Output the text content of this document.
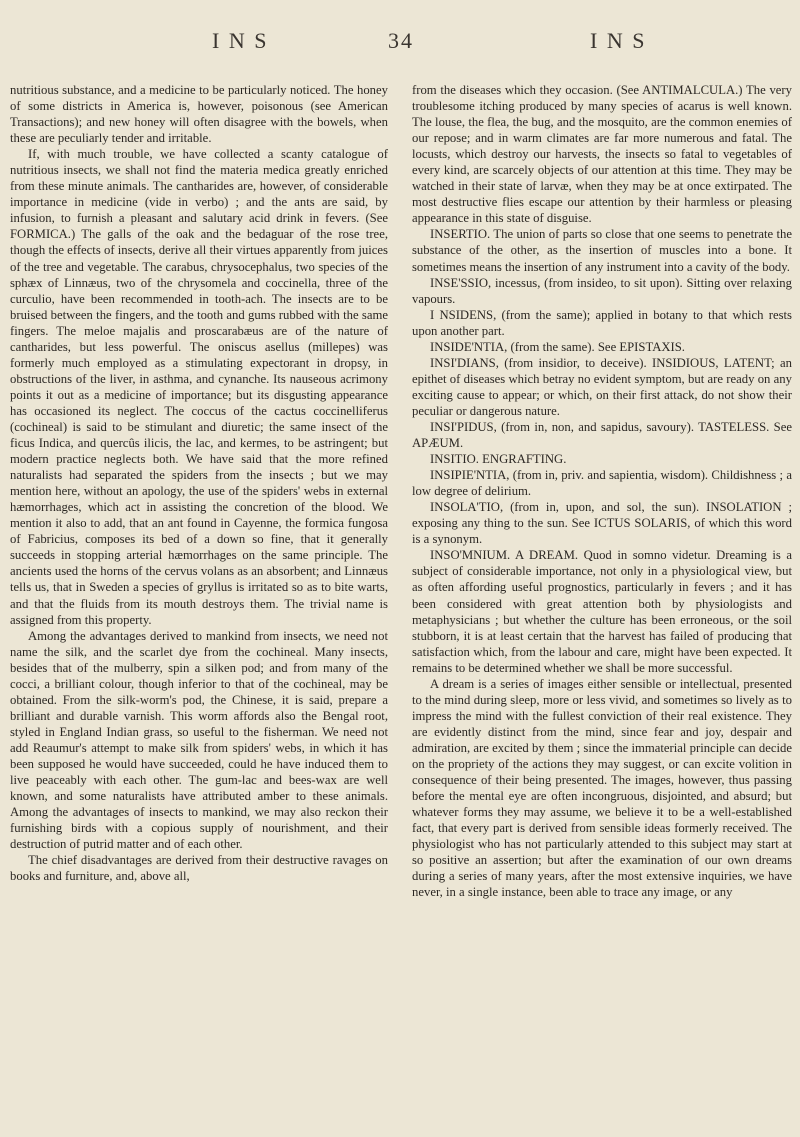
I N S	34	I N S

nutritious substance, and a medicine to be particularly noticed. The honey of some districts in America is, however, poisonous (see American Transactions); and new honey will often disagree with the bowels, when these are peculiarly tender and irritable.

If, with much trouble, we have collected a scanty catalogue of nutritious insects, we shall not find the materia medica greatly enriched from these minute animals. The cantharides are, however, of considerable importance in medicine (vide in verbo) ; and the ants are said, by infusion, to furnish a pleasant and salutary acid drink in fevers. (See FORMICA.) The galls of the oak and the bedaguar of the rose tree, though the effects of insects, derive all their virtues apparently from juices of the tree and vegetable. The carabus, chrysocephalus, two species of the sphæx of Linnæus, two of the chrysomela and coccinella, three of the curculio, have been recommended in tooth-ach. The insects are to be bruised between the fingers, and the tooth and gums rubbed with the same fingers. The meloe majalis and proscarabæus are of the nature of cantharides, but less powerful. The oniscus asellus (millepes) was formerly much employed as a stimulating expectorant in dropsy, in obstructions of the liver, in asthma, and cynanche. Its nauseous acrimony points it out as a medicine of importance; but its disgusting appearance has occasioned its neglect. The coccus of the cactus coccinelliferus (cochineal) is said to be stimulant and diuretic; the same insect of the ficus Indica, and quercûs ilicis, the lac, and kermes, to be astringent; but modern practice neglects both. We have said that the more refined naturalists had separated the spiders from the insects ; but we may mention here, without an apology, the use of the spiders' webs in external hæmorrhages, which act in assisting the concretion of the blood. We mention it also to add, that an ant found in Cayenne, the formica fungosa of Fabricius, composes its bed of a down so fine, that it generally succeeds in stopping arterial hæmorrhages on the same principle. The ancients used the horns of the cervus volans as an absorbent; and Linnæus tells us, that in Sweden a species of gryllus is irritated so as to bite warts, and that the fluids from its mouth destroys them. The trivial name is assigned from this property.

Among the advantages derived to mankind from insects, we need not name the silk, and the scarlet dye from the cochineal. Many insects, besides that of the mulberry, spin a silken pod; and from many of the cocci, a brilliant colour, though inferior to that of the cochineal, may be obtained. From the silk-worm's pod, the Chinese, it is said, prepare a brilliant and durable varnish. This worm affords also the Bengal root, styled in England Indian grass, so useful to the fisherman. We need not add Reaumur's attempt to make silk from spiders' webs, in which it has been supposed he would have succeeded, could he have induced them to live peaceably with each other. The gum-lac and bees-wax are well known, and some naturalists have attributed amber to these animals. Among the advantages of insects to mankind, we may also reckon their furnishing birds with a copious supply of nourishment, and their destruction of putrid matter and of each other.

The chief disadvantages are derived from their destructive ravages on books and furniture, and, above all,

from the diseases which they occasion. (See ANTIMALCULA.) The very troublesome itching produced by many species of acarus is well known. The louse, the flea, the bug, and the mosquito, are the common enemies of our repose; and in warm climates are far more numerous and fatal. The locusts, which destroy our harvests, the insects so fatal to vegetables of every kind, are scarcely objects of our attention at this time. They may be watched in their state of larvæ, when they may be at once extirpated. The most destructive flies escape our attention by their harmless or pleasing appearance in this state of disguise.

INSERTIO. The union of parts so close that one seems to penetrate the substance of the other, as the insertion of muscles into a bone. It sometimes means the insertion of any instrument into a cavity of the body.

INSE'SSIO, incessus, (from insideo, to sit upon). Sitting over relaxing vapours.

I NSIDENS, (from the same); applied in botany to that which rests upon another part.

INSIDE'NTIA, (from the same). See EPISTAXIS.

INSI'DIANS, (from insidior, to deceive). INSIDIOUS, LATENT; an epithet of diseases which betray no evident symptom, but are ready on any exciting cause to appear; or which, on their first attack, do not show their peculiar or dangerous nature.

INSI'PIDUS, (from in, non, and sapidus, savoury). TASTELESS. See APÆUM.

INSITIO. ENGRAFTING.

INSIPIE'NTIA, (from in, priv. and sapientia, wisdom). Childishness ; a low degree of delirium.

INSOLA'TIO, (from in, upon, and sol, the sun). INSOLATION ; exposing any thing to the sun. See ICTUS SOLARIS, of which this word is a synonym.

INSO'MNIUM. A DREAM. Quod in somno videtur. Dreaming is a subject of considerable importance, not only in a physiological view, but as often affording useful prognostics, particularly in fevers ; and it has been considered with great attention both by physiologists and metaphysicians ; but whether the culture has been erroneous, or the soil stubborn, it is at least certain that the harvest has failed of producing that satisfaction which, from the labour and care, might have been expected. It remains to be determined whether we shall be more successful.

A dream is a series of images either sensible or intellectual, presented to the mind during sleep, more or less vivid, and sometimes so lively as to impress the mind with the fullest conviction of their real existence. They are evidently distinct from the mind, since fear and joy, despair and admiration, are excited by them ; since the immaterial principle can decide on the propriety of the actions they may suggest, or can excite volition in consequence of their being presented. The images, however, thus passing before the mental eye are often incongruous, disjointed, and absurd; but whatever forms they may assume, we believe it to be a well-established fact, that every part is derived from sensible ideas formerly received. The physiologist who has not particularly attended to this subject may start at so positive an assertion; but after the examination of our own dreams during a series of many years, after the most extensive inquiries, we have never, in a single instance, been able to trace any image, or any
